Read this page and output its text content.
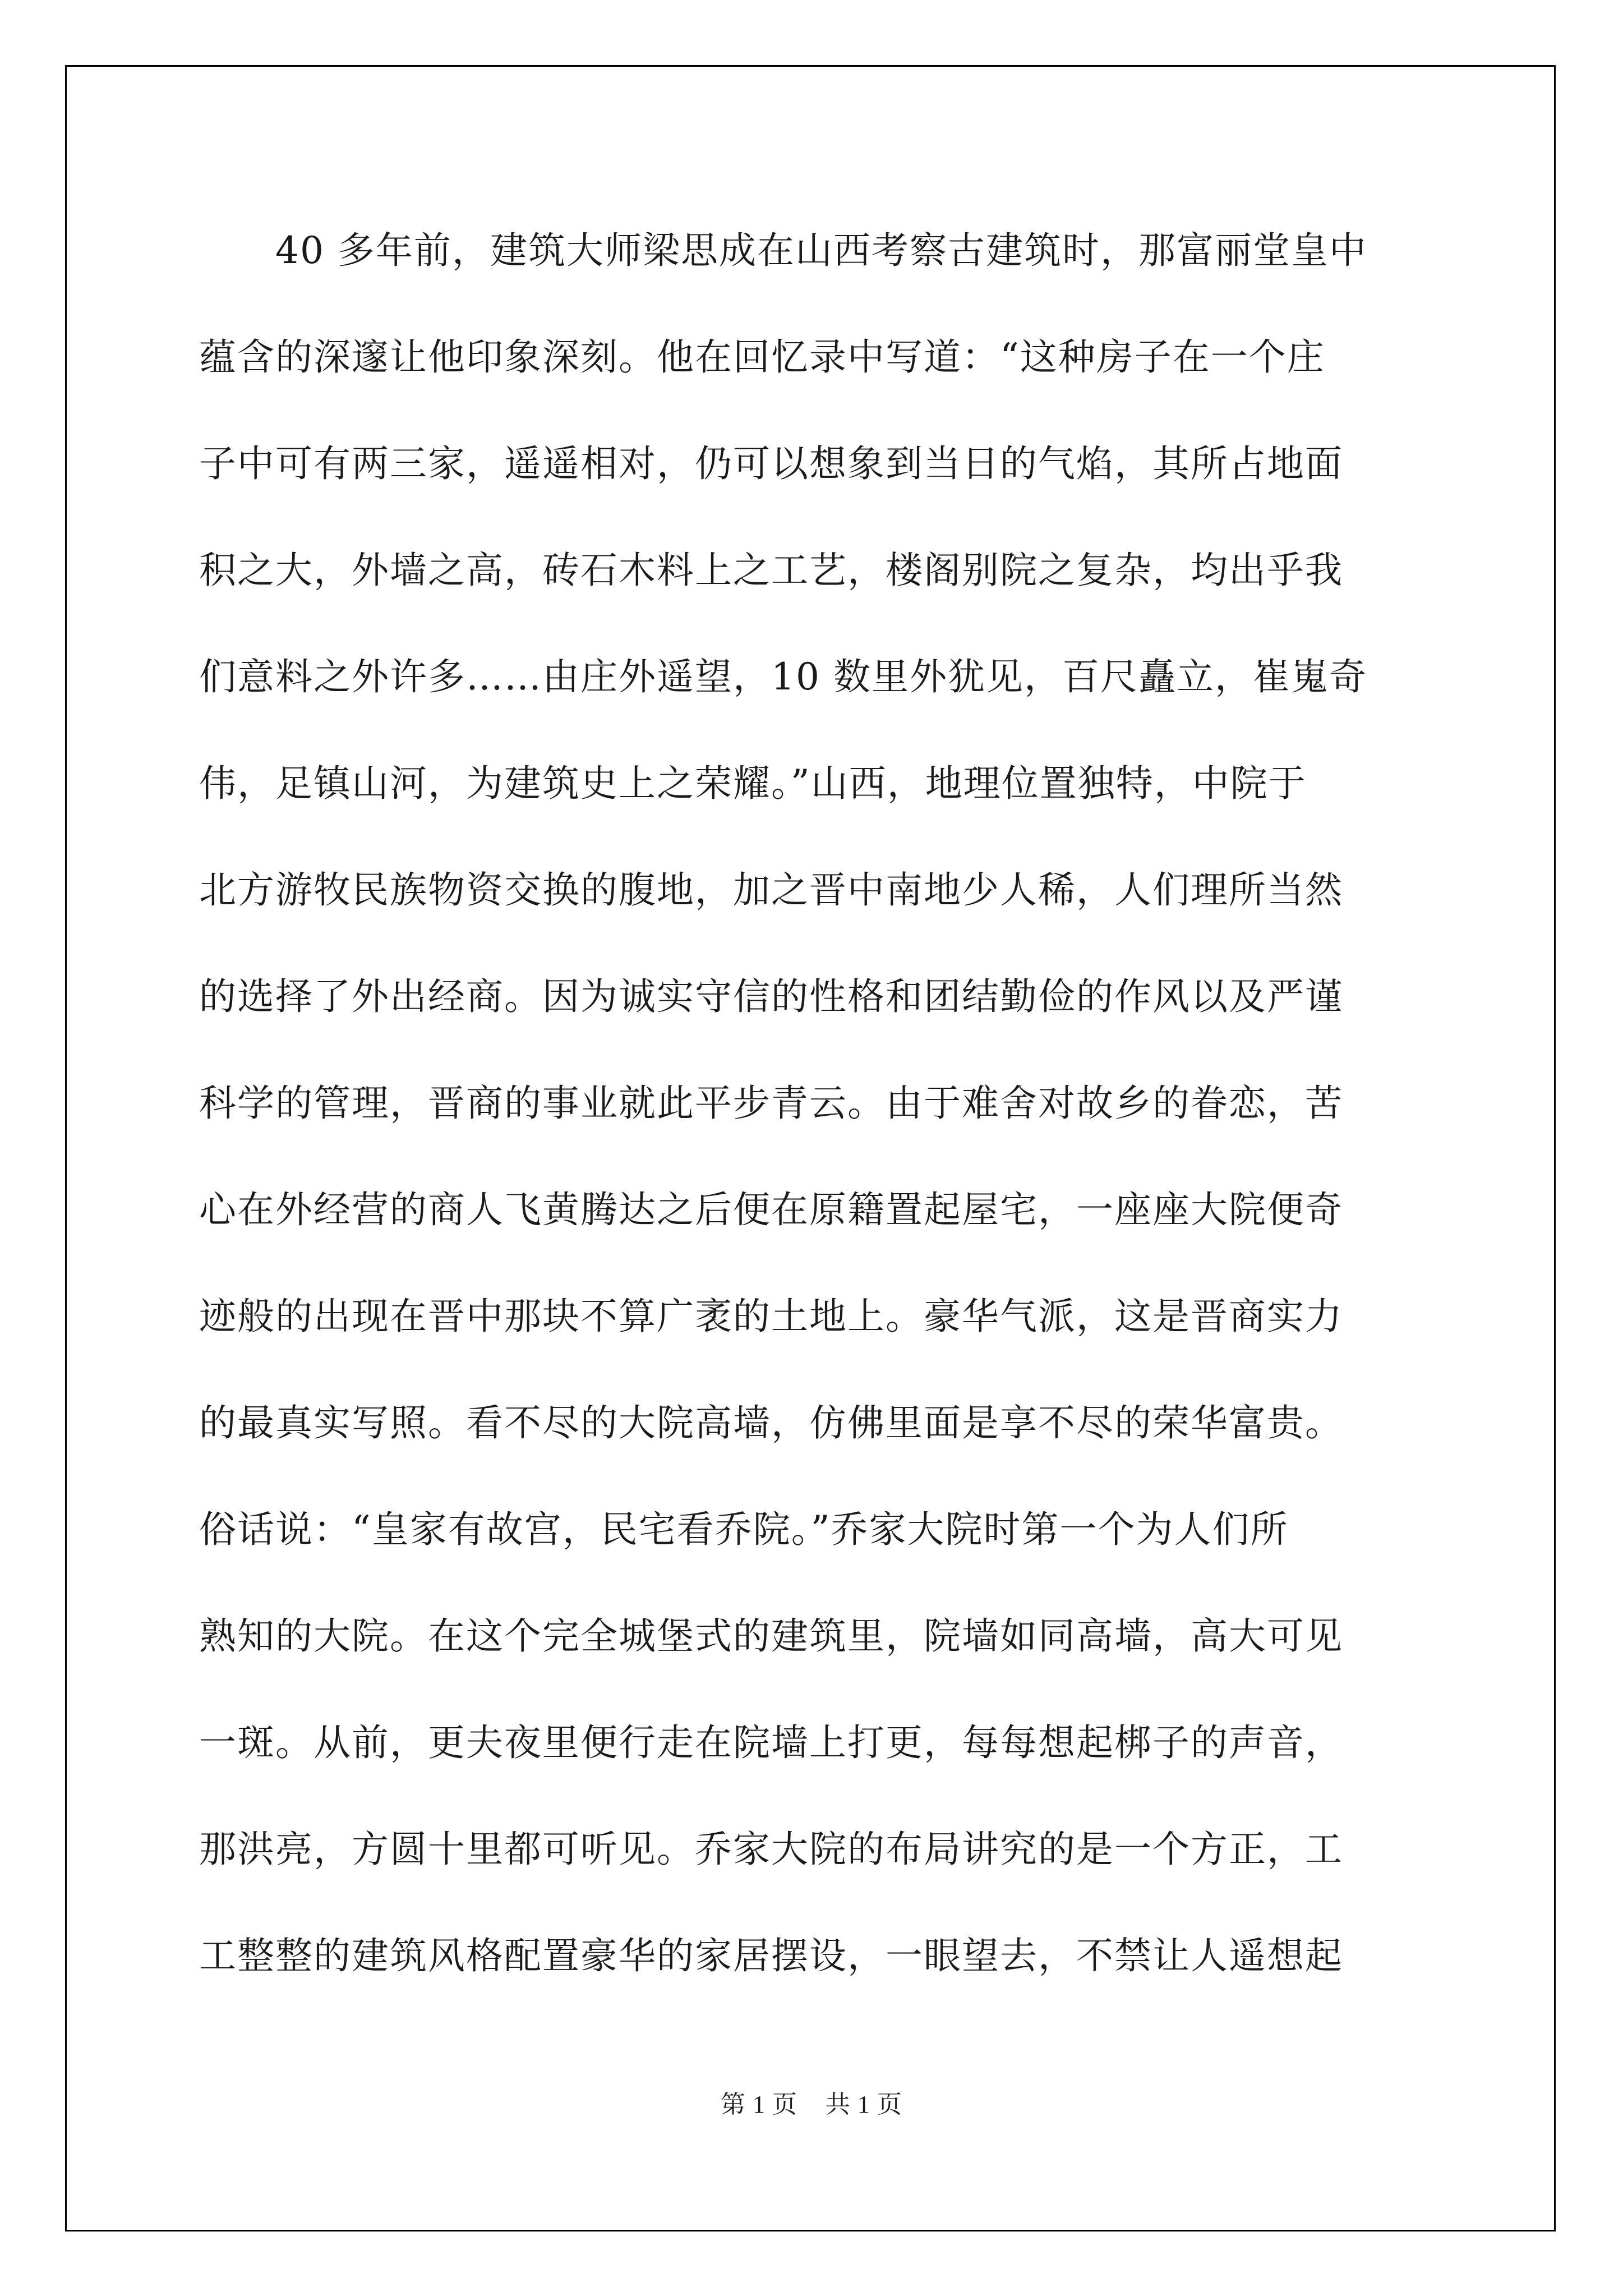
　　40 多年前，建筑大师梁思成在山西考察古建筑时，那富丽堂皇中
蕴含的深邃让他印象深刻。他在回忆录中写道：“这种房子在一个庄
子中可有两三家，遥遥相对，仍可以想象到当日的气焰，其所占地面
积之大，外墙之高，砖石木料上之工艺，楼阁别院之复杂，均出乎我
们意料之外许多……由庄外遥望，10 数里外犹见，百尺矗立，崔嵬奇
伟，足镇山河，为建筑史上之荣耀。”山西，地理位置独特，中院于
北方游牧民族物资交换的腹地，加之晋中南地少人稀，人们理所当然
的选择了外出经商。因为诚实守信的性格和团结勤俭的作风以及严谨
科学的管理，晋商的事业就此平步青云。由于难舍对故乡的眷恋，苦
心在外经营的商人飞黄腾达之后便在原籍置起屋宅，一座座大院便奇
迹般的出现在晋中那块不算广袤的土地上。豪华气派，这是晋商实力
的最真实写照。看不尽的大院高墙，仿佛里面是享不尽的荣华富贵。
俗话说：“皇家有故宫，民宅看乔院。”乔家大院时第一个为人们所
熟知的大院。在这个完全城堡式的建筑里，院墙如同高墙，高大可见
一斑。从前，更夫夜里便行走在院墙上打更，每每想起梆子的声音，
那洪亮，方圆十里都可听见。乔家大院的布局讲究的是一个方正，工
工整整的建筑风格配置豪华的家居摆设，一眼望去，不禁让人遥想起
第 1 页 共 1 页
